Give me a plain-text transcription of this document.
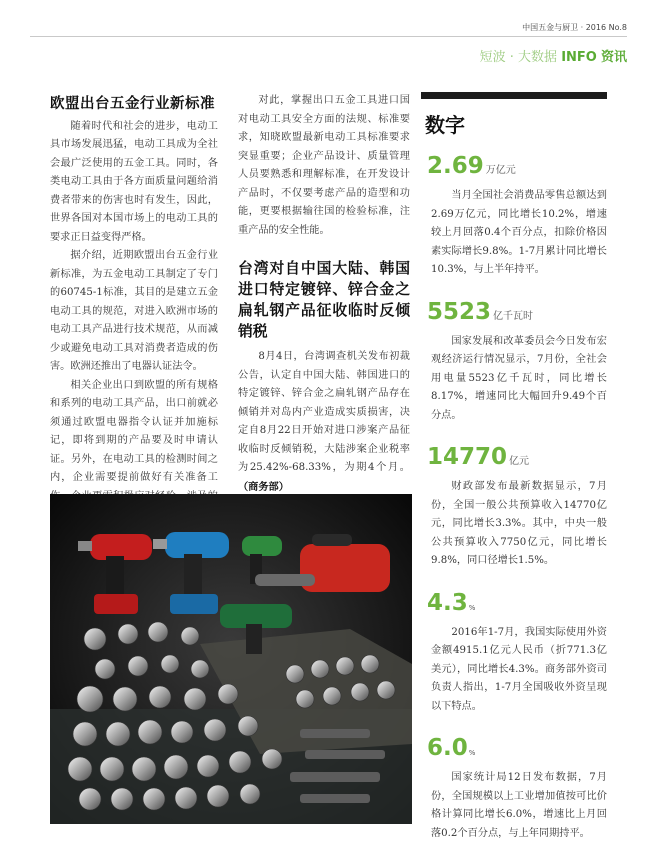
中国五金与厨卫 · 2016 No.8
短波 · 大数据 INFO 资讯
欧盟出台五金行业新标准

随着时代和社会的进步，电动工具市场发展迅猛，电动工具成为全社会最广泛使用的五金工具。同时，各类电动工具由于各方面质量问题给消费者带来的伤害也时有发生，因此，世界各国对本国市场上的电动工具的要求正日益变得严格。

据介绍，近期欧盟出台五金行业新标准，为五金电动工具制定了专门的60745-1标准，其目的是建立五金电动工具的规范，对进入欧洲市场的电动工具产品进行技术规范，从而减少或避免电动工具对消费者造成的伤害。欧洲还推出了电器认证法令。

相关企业出口到欧盟的所有规格和系列的电动工具产品，出口前就必须通过欧盟电器指令认证并加施标记，即将到期的产品要及时申请认证。另外，在电动工具的检测时间之内，企业需要提前做好有关准备工

对此，掌握出口五金工具进口国对电动工具安全方面的法规、标准要求，知晓欧盟最新电动工具标准要求突显重要；企业产品设计、质量管理人员要熟悉和理解标准，在开发设计产品时，不仅要考虑产品的造型和功能，更要根据输往国的检验标准，注重产品的安全性能。

台湾对自中国大陆、韩国进口特定镀锌、锌合金之扁轧钢产品征收临时反倾销税

8月4日，台湾调查机关发布初裁公告，认定自中国大陆、韩国进口的特定镀锌、锌合金之扁轧钢产品存在倾销并对岛内产业造成实质损害，决定自8月22日开始对进口涉案产品征收临时反倾销税，大陆涉案企业税率为25.42%-68.33%，为期4个月。 （商务部）

数字
2.69 万亿元
当月全国社会消费品零售总额达到2.69万亿元，同比增长10.2%，增速较上月回落0.4个百分点，扣除价格因素实际增长9.8%。1-7月累计同比增长10.3%，与上半年持平。
5523 亿千瓦时
国家发展和改革委员会今日发布宏观经济运行情况显示，7月份，全社会用电量5523亿千瓦时，同比增长8.17%，增速同比大幅回升9.49个百分点。
14770 亿元
财政部发布最新数据显示，7月份，全国一般公共预算收入14770亿元，同比增长3.3%。其中，中央一般公共预算收入7750亿元，同比增长9.8%，同口径增长1.5%。
4.3%
2016年1-7月，我国实际使用外资金额4915.1亿元人民币（折771.3亿美元），同比增长4.3%。商务部外资司负责人指出，1-7月全国吸收外资呈现以下特点。
6.0%
国家统计局12日发布数据，7月份，全国规模以上工业增加值按可比价格计算同比增长6.0%，增速比上月回落0.2个百分点，与上年同期持平。
